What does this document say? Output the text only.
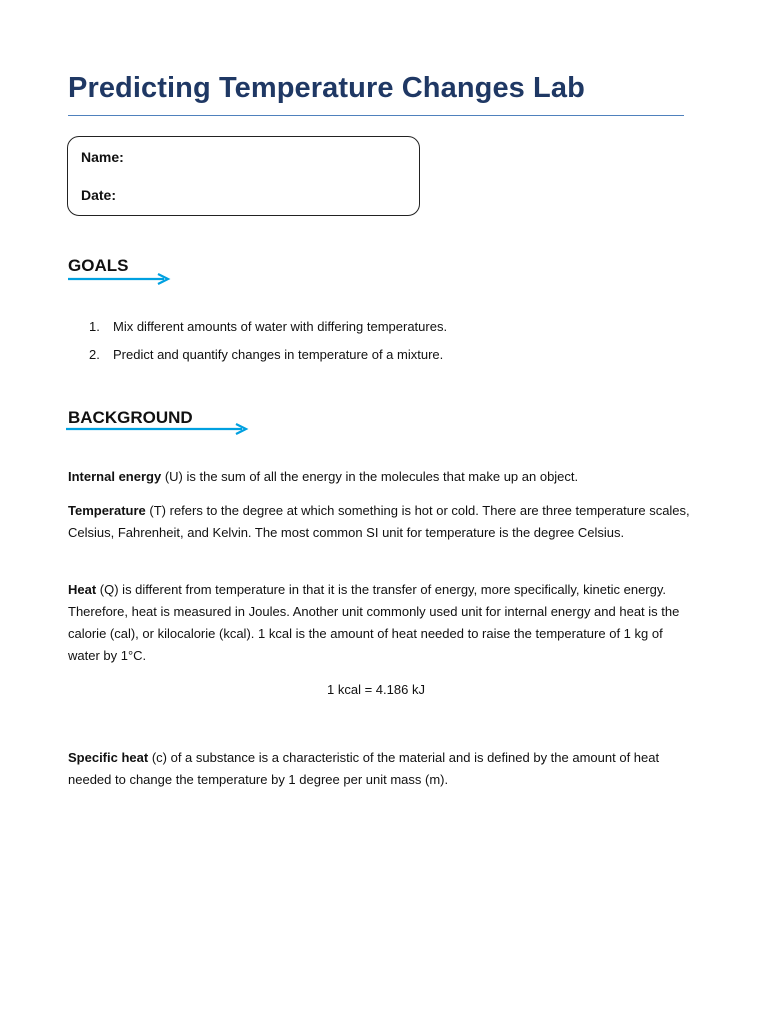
Predicting Temperature Changes Lab
Name:
Date:
GOALS
1. Mix different amounts of water with differing temperatures.
2. Predict and quantify changes in temperature of a mixture.
BACKGROUND

Internal energy (U) is the sum of all the energy in the molecules that make up an object.

Temperature (T) refers to the degree at which something is hot or cold. There are three temperature scales, Celsius, Fahrenheit, and Kelvin. The most common SI unit for temperature is the degree Celsius.

Heat (Q) is different from temperature in that it is the transfer of energy, more specifically, kinetic energy. Therefore, heat is measured in Joules. Another unit commonly used unit for internal energy and heat is the calorie (cal), or kilocalorie (kcal). 1 kcal is the amount of heat needed to raise the temperature of 1 kg of water by 1°C.

1 kcal = 4.186 kJ

Specific heat (c) of a substance is a characteristic of the material and is defined by the amount of heat needed to change the temperature by 1 degree per unit mass (m).
